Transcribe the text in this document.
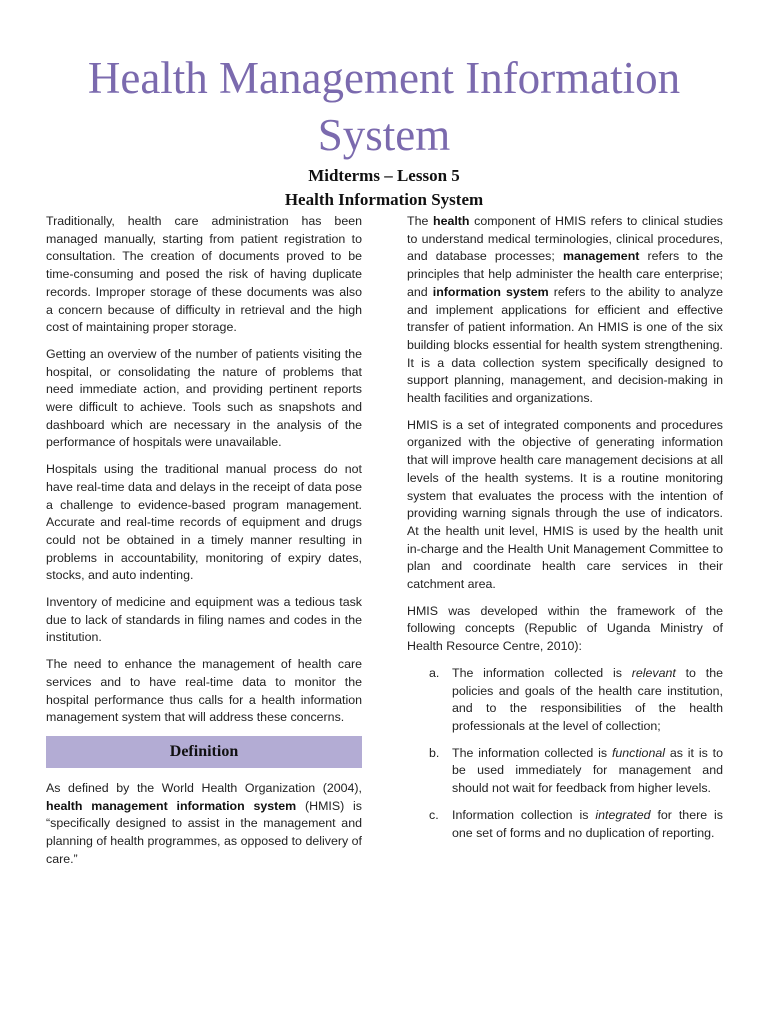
Health Management Information
System
Midterms – Lesson 5
Health Information System

Traditionally, health care administration has been managed manually, starting from patient registration to consultation. The creation of documents proved to be time-consuming and posed the risk of having duplicate records. Improper storage of these documents was also a concern because of difficulty in retrieval and the high cost of maintaining proper storage.

Getting an overview of the number of patients visiting the hospital, or consolidating the nature of problems that need immediate action, and providing pertinent reports were difficult to achieve. Tools such as snapshots and dashboard which are necessary in the analysis of the performance of hospitals were unavailable.

Hospitals using the traditional manual process do not have real-time data and delays in the receipt of data pose a challenge to evidence-based program management. Accurate and real-time records of equipment and drugs could not be obtained in a timely manner resulting in problems in accountability, monitoring of expiry dates, stocks, and auto indenting.

Inventory of medicine and equipment was a tedious task due to lack of standards in filing names and codes in the institution.

The need to enhance the management of health care services and to have real-time data to monitor the hospital performance thus calls for a health information management system that will address these concerns.

Definition

As defined by the World Health Organization (2004), health management information system (HMIS) is “specifically designed to assist in the management and planning of health programmes, as opposed to delivery of care.”

The health component of HMIS refers to clinical studies to understand medical terminologies, clinical procedures, and database processes; management refers to the principles that help administer the health care enterprise; and information system refers to the ability to analyze and implement applications for efficient and effective transfer of patient information. An HMIS is one of the six building blocks essential for health system strengthening. It is a data collection system specifically designed to support planning, management, and decision-making in health facilities and organizations.

HMIS is a set of integrated components and procedures organized with the objective of generating information that will improve health care management decisions at all levels of the health systems. It is a routine monitoring system that evaluates the process with the intention of providing warning signals through the use of indicators. At the health unit level, HMIS is used by the health unit in-charge and the Health Unit Management Committee to plan and coordinate health care services in their catchment area.

HMIS was developed within the framework of the following concepts (Republic of Uganda Ministry of Health Resource Centre, 2010):

a. The information collected is relevant to the policies and goals of the health care institution, and to the responsibilities of the health professionals at the level of collection;
b. The information collected is functional as it is to be used immediately for management and should not wait for feedback from higher levels.
c. Information collection is integrated for there is one set of forms and no duplication of reporting.
